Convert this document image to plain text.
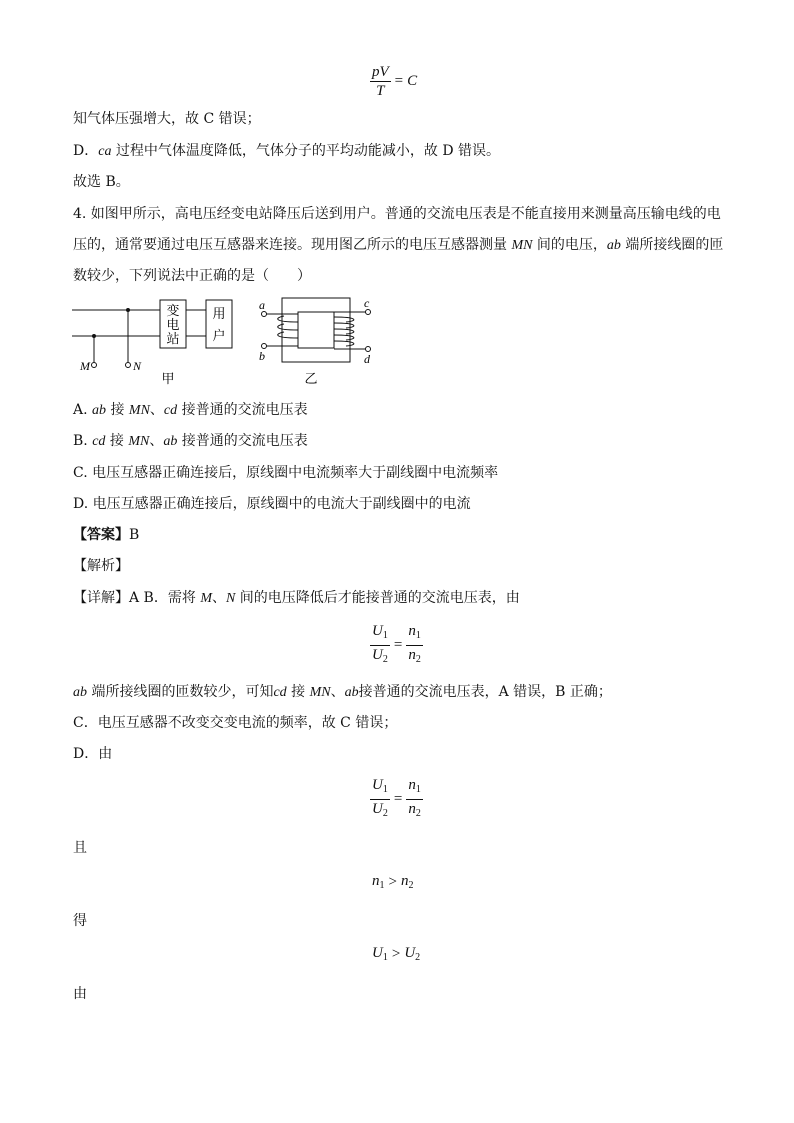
$\frac{pV}{T} = C$
知气体压强增大，故 C 错误；
D．ca 过程中气体温度降低，气体分子的平均动能减小，故 D 错误。
故选 B。
4. 如图甲所示，高电压经变电站降压后送到用户。普通的交流电压表是不能直接用来测量高压输电线的电
压的，通常要通过电压互感器来连接。现用图乙所示的电压互感器测量 MN 间的电压，ab 端所接线圈的匝
数较少，下列说法中正确的是（　　）
变
电
站
用
户
M	N
甲
a
b
c
d
乙
A. ab 接 MN、cd 接普通的交流电压表
B. cd 接 MN、ab 接普通的交流电压表
C. 电压互感器正确连接后，原线圈中电流频率大于副线圈中电流频率
D. 电压互感器正确连接后，原线圈中的电流大于副线圈中的电流
【答案】B
【解析】
【详解】A B．需将 M、N 间的电压降低后才能接普通的交流电压表，由
$\frac{U_1}{U_2} = \frac{n_1}{n_2}$
ab 端所接线圈的匝数较少，可知cd 接 MN、ab接普通的交流电压表，A 错误，B 正确；
C．电压互感器不改变交变电流的频率，故 C 错误；
D．由
$\frac{U_1}{U_2} = \frac{n_1}{n_2}$
且
$n_1 > n_2$
得
$U_1 > U_2$
由
